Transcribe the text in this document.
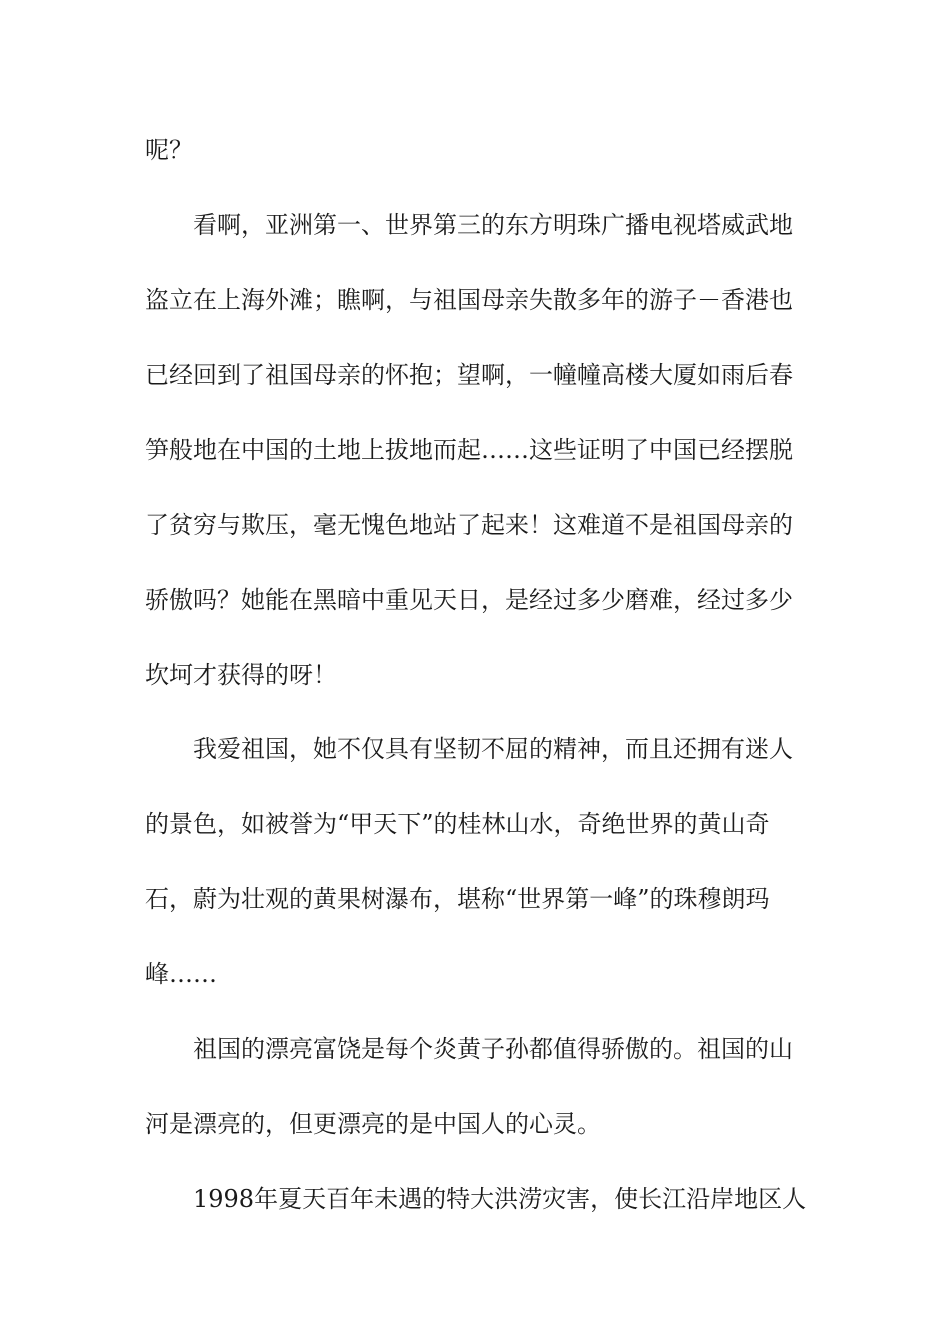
呢？
看啊，亚洲第一、世界第三的东方明珠广播电视塔威武地
盗立在上海外滩；瞧啊，与祖国母亲失散多年的游子－香港也
已经回到了祖国母亲的怀抱；望啊，一幢幢高楼大厦如雨后春
笋般地在中国的土地上拔地而起……这些证明了中国已经摆脱
了贫穷与欺压，毫无愧色地站了起来！这难道不是祖国母亲的
骄傲吗？她能在黑暗中重见天日，是经过多少磨难，经过多少
坎坷才获得的呀！
我爱祖国，她不仅具有坚韧不屈的精神，而且还拥有迷人
的景色，如被誉为“甲天下”的桂林山水，奇绝世界的黄山奇
石，蔚为壮观的黄果树瀑布，堪称“世界第一峰”的珠穆朗玛
峰……
祖国的漂亮富饶是每个炎黄子孙都值得骄傲的。祖国的山
河是漂亮的，但更漂亮的是中国人的心灵。
1998年夏天百年未遇的特大洪涝灾害，使长江沿岸地区人
